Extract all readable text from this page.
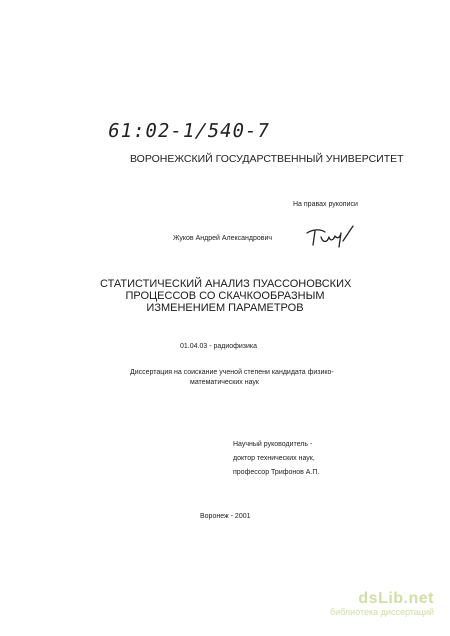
61:02-1/540-7
ВОРОНЕЖСКИЙ ГОСУДАРСТВЕННЫЙ УНИВЕРСИТЕТ
На правах рукописи
Жуков Андрей Александрович
СТАТИСТИЧЕСКИЙ АНАЛИЗ ПУАССОНОВСКИХ
ПРОЦЕССОВ СО СКАЧКООБРАЗНЫМ
ИЗМЕНЕНИЕМ ПАРАМЕТРОВ
01.04.03 - радиофизика
Диссертация на соискание ученой степени кандидата физико-
математических наук
Научный руководитель -
доктор технических наук,
профессор Трифонов А.П.
Воронеж - 2001
dsLib.net
библиотека диссертаций
